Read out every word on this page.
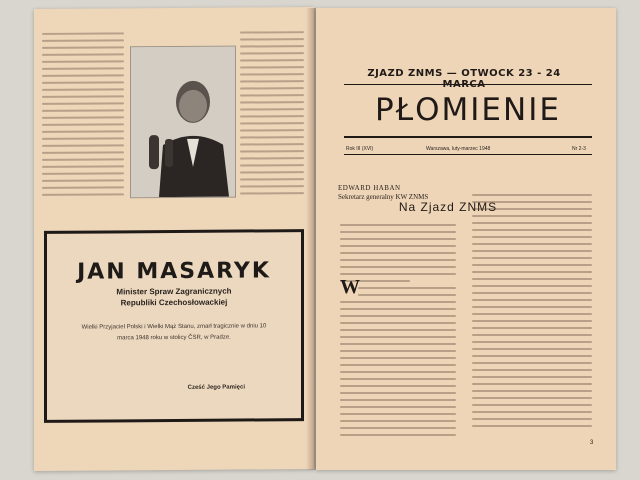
JAN MASARYK
Minister Spraw Zagranicznych
Republiki Czechosłowackiej
Wielki Przyjaciel Polski i Wielki Mąż Stanu, zmarł tragicznie w dniu 10 marca 1948 roku w stolicy ČSR, w Pradze.
Cześć Jego Pamięci
ZJAZD ZNMS — OTWOCK 23 - 24
PŁOMIENIE
Rok III (XVI)	Warszawa, luty-marzec 1948	Nr 2-3
EDWARD HABAN
Sekretarz generalny KW ZNMS
Na Zjazd ZNMS
W
3
